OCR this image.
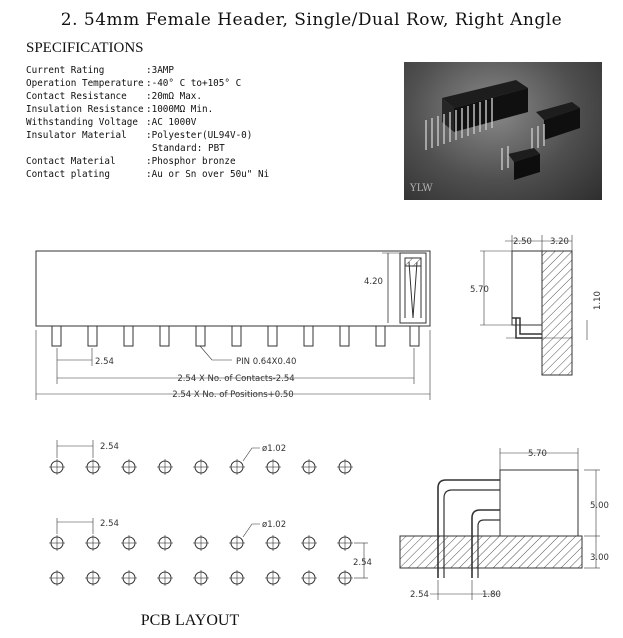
2. 54mm Female Header, Single/Dual Row, Right Angle
SPECIFICATIONS
Current Rating	: 3AMP
Operation Temperature : -40° C to+105° C
Contact Resistance	: 20mΩ Max.
Insulation Resistance : 1000MΩ Min.
Withstanding Voltage : AC 1000V
Insulator Material	: Polyester(UL94V-0)
Standard: PBT
Contact Material	: Phosphor bronze
Contact plating	: Au or Sn over 50u" Ni
YLW
4.20
2.54	PIN 0.64X0.40
2.54 X No. of Contacts-2.54
2.54 X No. of Positions+0.50
2.50 3.20
5.70
1.10
2.54	ø1.02
2.54	ø1.02
2.54
5.70
5.00
3.00
2.54	1.80
PCB LAYOUT
